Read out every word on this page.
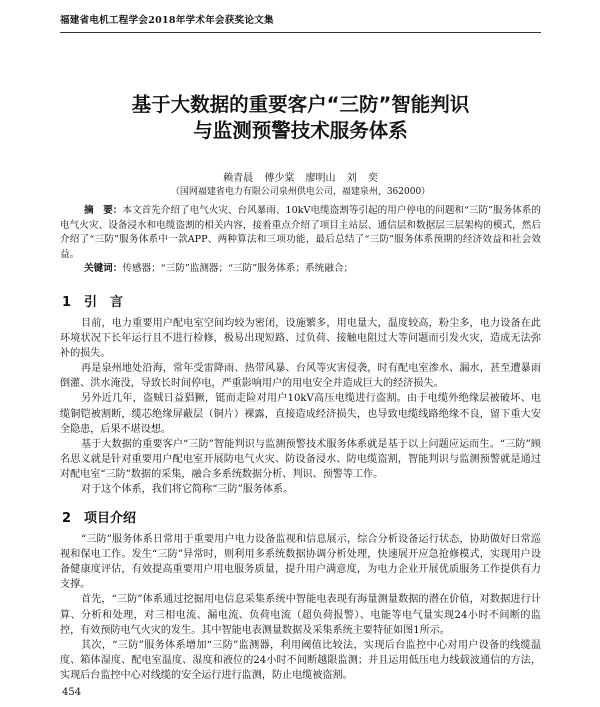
福建省电机工程学会2018年学术年会获奖论文集
基于大数据的重要客户“三防”智能判识
与监测预警技术服务体系
赖青晨 傅少棠 廖明山 刘 奕
（国网福建省电力有限公司泉州供电公司，福建泉州，362000）

摘　要：本文首先介绍了电气火灾、台风暴雨、10kV电缆盗割等引起的用户停电的问题和“三防”服务体系的电气火灾、设备浸水和电缆盗割的相关内容，接着重点介绍了项目主站层、通信层和数据层三层架构的模式，然后介绍了“三防”服务体系中一款APP、两种算法和三项功能，最后总结了“三防”服务体系预期的经济效益和社会效益。

关键词：传感器；“三防”监测器；“三防”服务体系；系统融合；

1　引　言

目前，电力重要用户配电室空间均较为密闭，设施繁多，用电量大，温度较高，粉尘多，电力设备在此环境状况下长年运行且不进行检修，极易出现短路、过负荷、接触电阻过大等问题而引发火灾，造成无法弥补的损失。

再是泉州地处沿海，常年受雷降雨、热带风暴、台风等灾害侵袭，时有配电室渗水、漏水，甚至遭暴雨倒灌、洪水淹没，导致长时间停电，严重影响用户的用电安全并造成巨大的经济损失。

另外近几年，盗贼日益猖獗，铤而走险对用户10kV高压电缆进行盗割。由于电缆外绝缘层被破坏、电缆铜铠被割断，缆芯绝缘屏蔽层（铜片）裸露，直接造成经济损失，也导致电缆线路绝缘不良，留下重大安全隐患，后果不堪设想。

基于大数据的重要客户“三防”智能判识与监测预警技术服务体系就是基于以上问题应运而生。“三防”顾名思义就是针对重要用户配电室开展防电气火灾、防设备浸水、防电缆盗割，智能判识与监测预警就是通过对配电室“三防”数据的采集，融合多系统数据分析、判识、预警等工作。

对于这个体系，我们将它简称“三防”服务体系。

2　项目介绍

“三防”服务体系日常用于重要用户电力设备监视和信息展示，综合分析设备运行状态，协助做好日常巡视和保电工作。发生“三防”异常时，则利用多系统数据协调分析处理，快速展开应急抢修模式，实现用户设备健康度评估，有效提高重要用户用电服务质量，提升用户满意度，为电力企业开展优质服务工作提供有力支撑。

首先，“三防”体系通过挖掘用电信息采集系统中智能电表现有海量测量数据的潜在价值，对数据进行计算、分析和处理，对三相电流、漏电流、负荷电流（超负荷报警）、电能等电气量实现24小时不间断的监控，有效预防电气火灾的发生。其中智能电表测量数据及采集系统主要特征如图1所示。

其次，“三防”服务体系增加“三防”监测器，利用阈值比较法，实现后台监控中心对用户设备的线缆温度、箱体湿度、配电室温度、湿度和液位的24小时不间断越限监测；并且运用低压电力线载波通信的方法，实现后台监控中心对线缆的安全运行进行监测，防止电缆被盗割。

454
